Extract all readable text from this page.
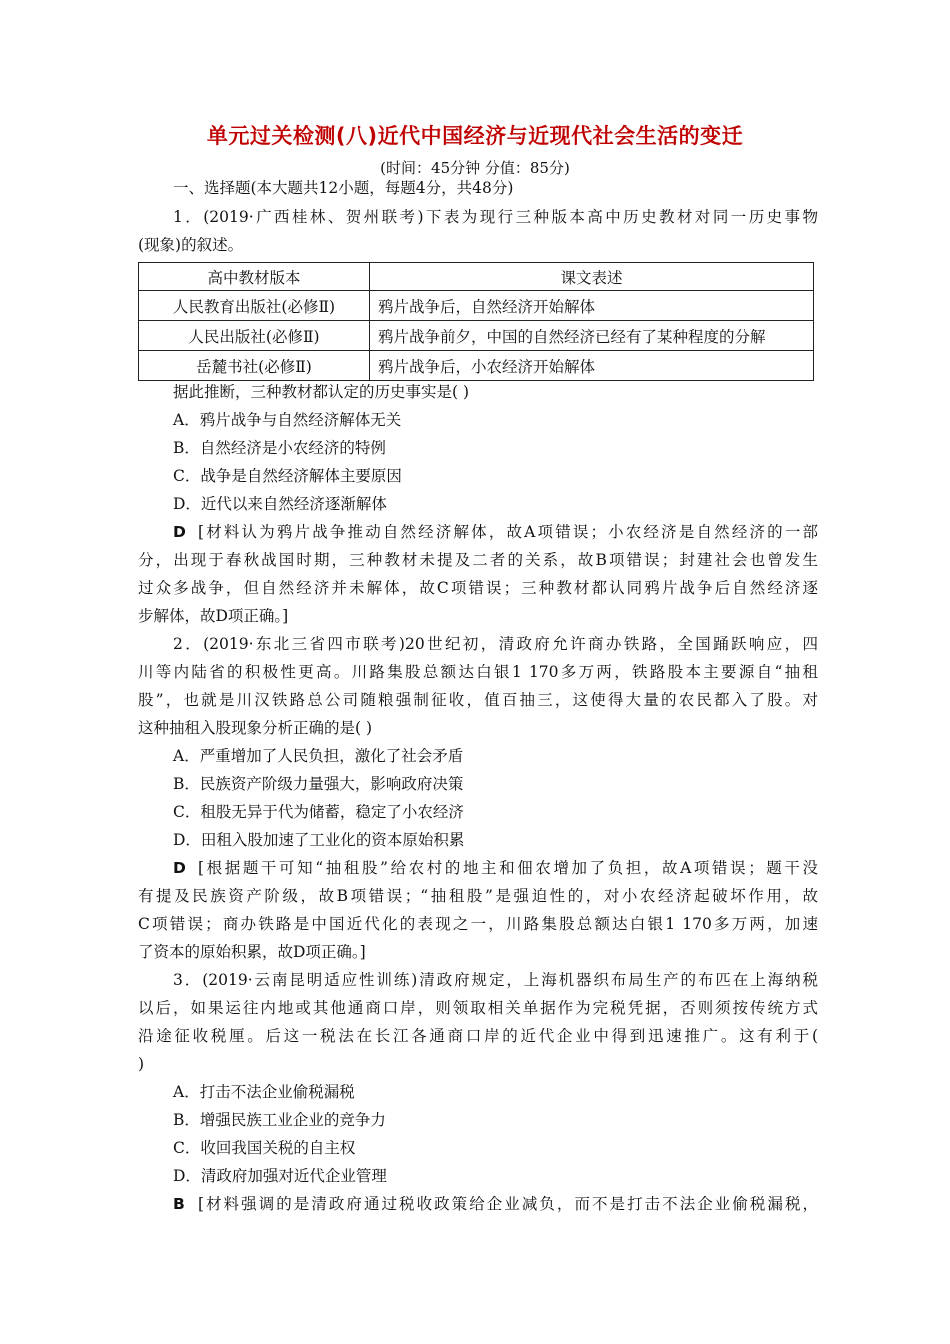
单元过关检测(八)近代中国经济与近现代社会生活的变迁
(时间：45分钟 分值：85分)
一、选择题(本大题共12小题，每题4分，共48分)
1．(2019·广西桂林、贺州联考)下表为现行三种版本高中历史教材对同一历史事物
(现象)的叙述。
高中教材版本	课文表述
人民教育出版社(必修Ⅱ)	鸦片战争后，自然经济开始解体
人民出版社(必修Ⅱ)	鸦片战争前夕，中国的自然经济已经有了某种程度的分解
岳麓书社(必修Ⅱ)	鸦片战争后，小农经济开始解体
据此推断，三种教材都认定的历史事实是( )
A．鸦片战争与自然经济解体无关
B．自然经济是小农经济的特例
C．战争是自然经济解体主要原因
D．近代以来自然经济逐渐解体
D [材料认为鸦片战争推动自然经济解体，故A项错误；小农经济是自然经济的一部
分，出现于春秋战国时期，三种教材未提及二者的关系，故B项错误；封建社会也曾发生
过众多战争，但自然经济并未解体，故C项错误；三种教材都认同鸦片战争后自然经济逐
步解体，故D项正确。]
2．(2019·东北三省四市联考)20世纪初，清政府允许商办铁路，全国踊跃响应，四
川等内陆省的积极性更高。川路集股总额达白银1 170多万两，铁路股本主要源自“抽租
股”，也就是川汉铁路总公司随粮强制征收，值百抽三，这使得大量的农民都入了股。对
这种抽租入股现象分析正确的是( )
A．严重增加了人民负担，激化了社会矛盾
B．民族资产阶级力量强大，影响政府决策
C．租股无异于代为储蓄，稳定了小农经济
D．田租入股加速了工业化的资本原始积累
D [根据题干可知“抽租股”给农村的地主和佃农增加了负担，故A项错误；题干没
有提及民族资产阶级，故B项错误；“抽租股”是强迫性的，对小农经济起破坏作用，故
C项错误；商办铁路是中国近代化的表现之一，川路集股总额达白银1 170多万两，加速
了资本的原始积累，故D项正确。]
3．(2019·云南昆明适应性训练)清政府规定，上海机器织布局生产的布匹在上海纳税
以后，如果运往内地或其他通商口岸，则领取相关单据作为完税凭据，否则须按传统方式
沿途征收税厘。后这一税法在长江各通商口岸的近代企业中得到迅速推广。这有利于(
)
A．打击不法企业偷税漏税
B．增强民族工业企业的竞争力
C．收回我国关税的自主权
D．清政府加强对近代企业管理
B [材料强调的是清政府通过税收政策给企业减负，而不是打击不法企业偷税漏税，
